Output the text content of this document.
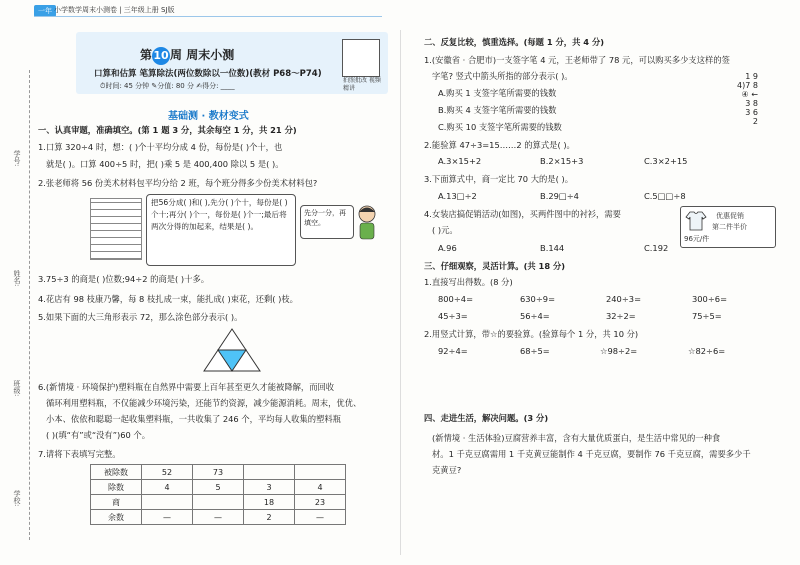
一年 小学数学周末小测卷 | 三年级上册 SJ版
学号:
姓名:
班级:
学校:
第10周 周末小测
口算和估算 笔算除法(两位数除以一位数)(教材 P68～P74)
⏱时间: 45 分钟 ✎分值: 80 分 ✍得分: ____
拍照批改 视频精讲
基础测 · 教材变式
一、认真审题，准确填空。(第 1 题 3 分，其余每空 1 分，共 21 分)
1.口算 320÷4 时，想：( )个十平均分成 4 份，每份是( )个十，也
就是( )。口算 400÷5 时，把( )乘 5 是 400,400 除以 5 是( )。
2.张老师将 56 份美术材料包平均分给 2 班，每个班分得多少份美术材料包?
把56分成( )和( ),先分( )个十，每份是( )个十;再分( )个一，每份是( )个一;最后将两次分得的加起来，结果是( )。
先分一分，再填空。
3.75÷3 的商是( )位数;94÷2 的商是( )十多。
4.花店有 98 枝康乃馨，每 8 枝扎成一束，能扎成( )束花，还剩( )枝。
5.如果下面的大三角形表示 72，那么涂色部分表示( )。
6.(新情境 · 环境保护)塑料瓶在自然界中需要上百年甚至更久才能被降解，而回收
循环利用塑料瓶，不仅能减少环境污染，还能节约资源，减少能源消耗。周末，优优、
小本、依依和聪聪一起收集塑料瓶，一共收集了 246 个，平均每人收集的塑料瓶
( )(填“有”或“没有”)60 个。
7.请将下表填写完整。
被除数	52	73		
除数	4	5	3	4
商			18	23
余数	—	—	2	—
二、反复比较，慎重选择。(每题 1 分，共 4 分)
1.(安徽省 · 合肥市)一支签字笔 4 元，王老师带了 78 元，可以购买多少支这样的签
字笔? 竖式中箭头所指的部分表示( )。
A.购买 1 支签字笔所需要的钱数
B.购买 4 支签字笔所需要的钱数
C.购买 10 支签字笔所需要的钱数
1 9
4)7 8
④ ←
3 8
3 6
2
2.能验算 47÷3=15……2 的算式是( )。
A.3×15+2	B.2×15+3	C.3×2+15
3.下面算式中，商一定比 70 大的是( )。
A.13□÷2	B.29□÷4	C.5□□÷8
4.女装店搞促销活动(如图)，买两件图中的衬衫，需要
( )元。
A.96	B.144	C.192
优惠促销
第二件半价
96元/件
三、仔细观察，灵活计算。(共 18 分)
1.直接写出得数。(8 分)
800÷4=	630÷9=	240÷3=	300÷6=
45÷3=	56÷4=	32÷2=	75÷5=
2.用竖式计算，带☆的要验算。(验算每个 1 分，共 10 分)
92÷4=	68÷5=	☆98÷2=	☆82÷6=
四、走进生活，解决问题。(3 分)
(新情境 · 生活体验)豆腐营养丰富，含有大量优质蛋白，是生活中常见的一种食
材。1 千克豆腐需用 1 千克黄豆能制作 4 千克豆腐，要制作 76 千克豆腐，需要多少千
克黄豆?
